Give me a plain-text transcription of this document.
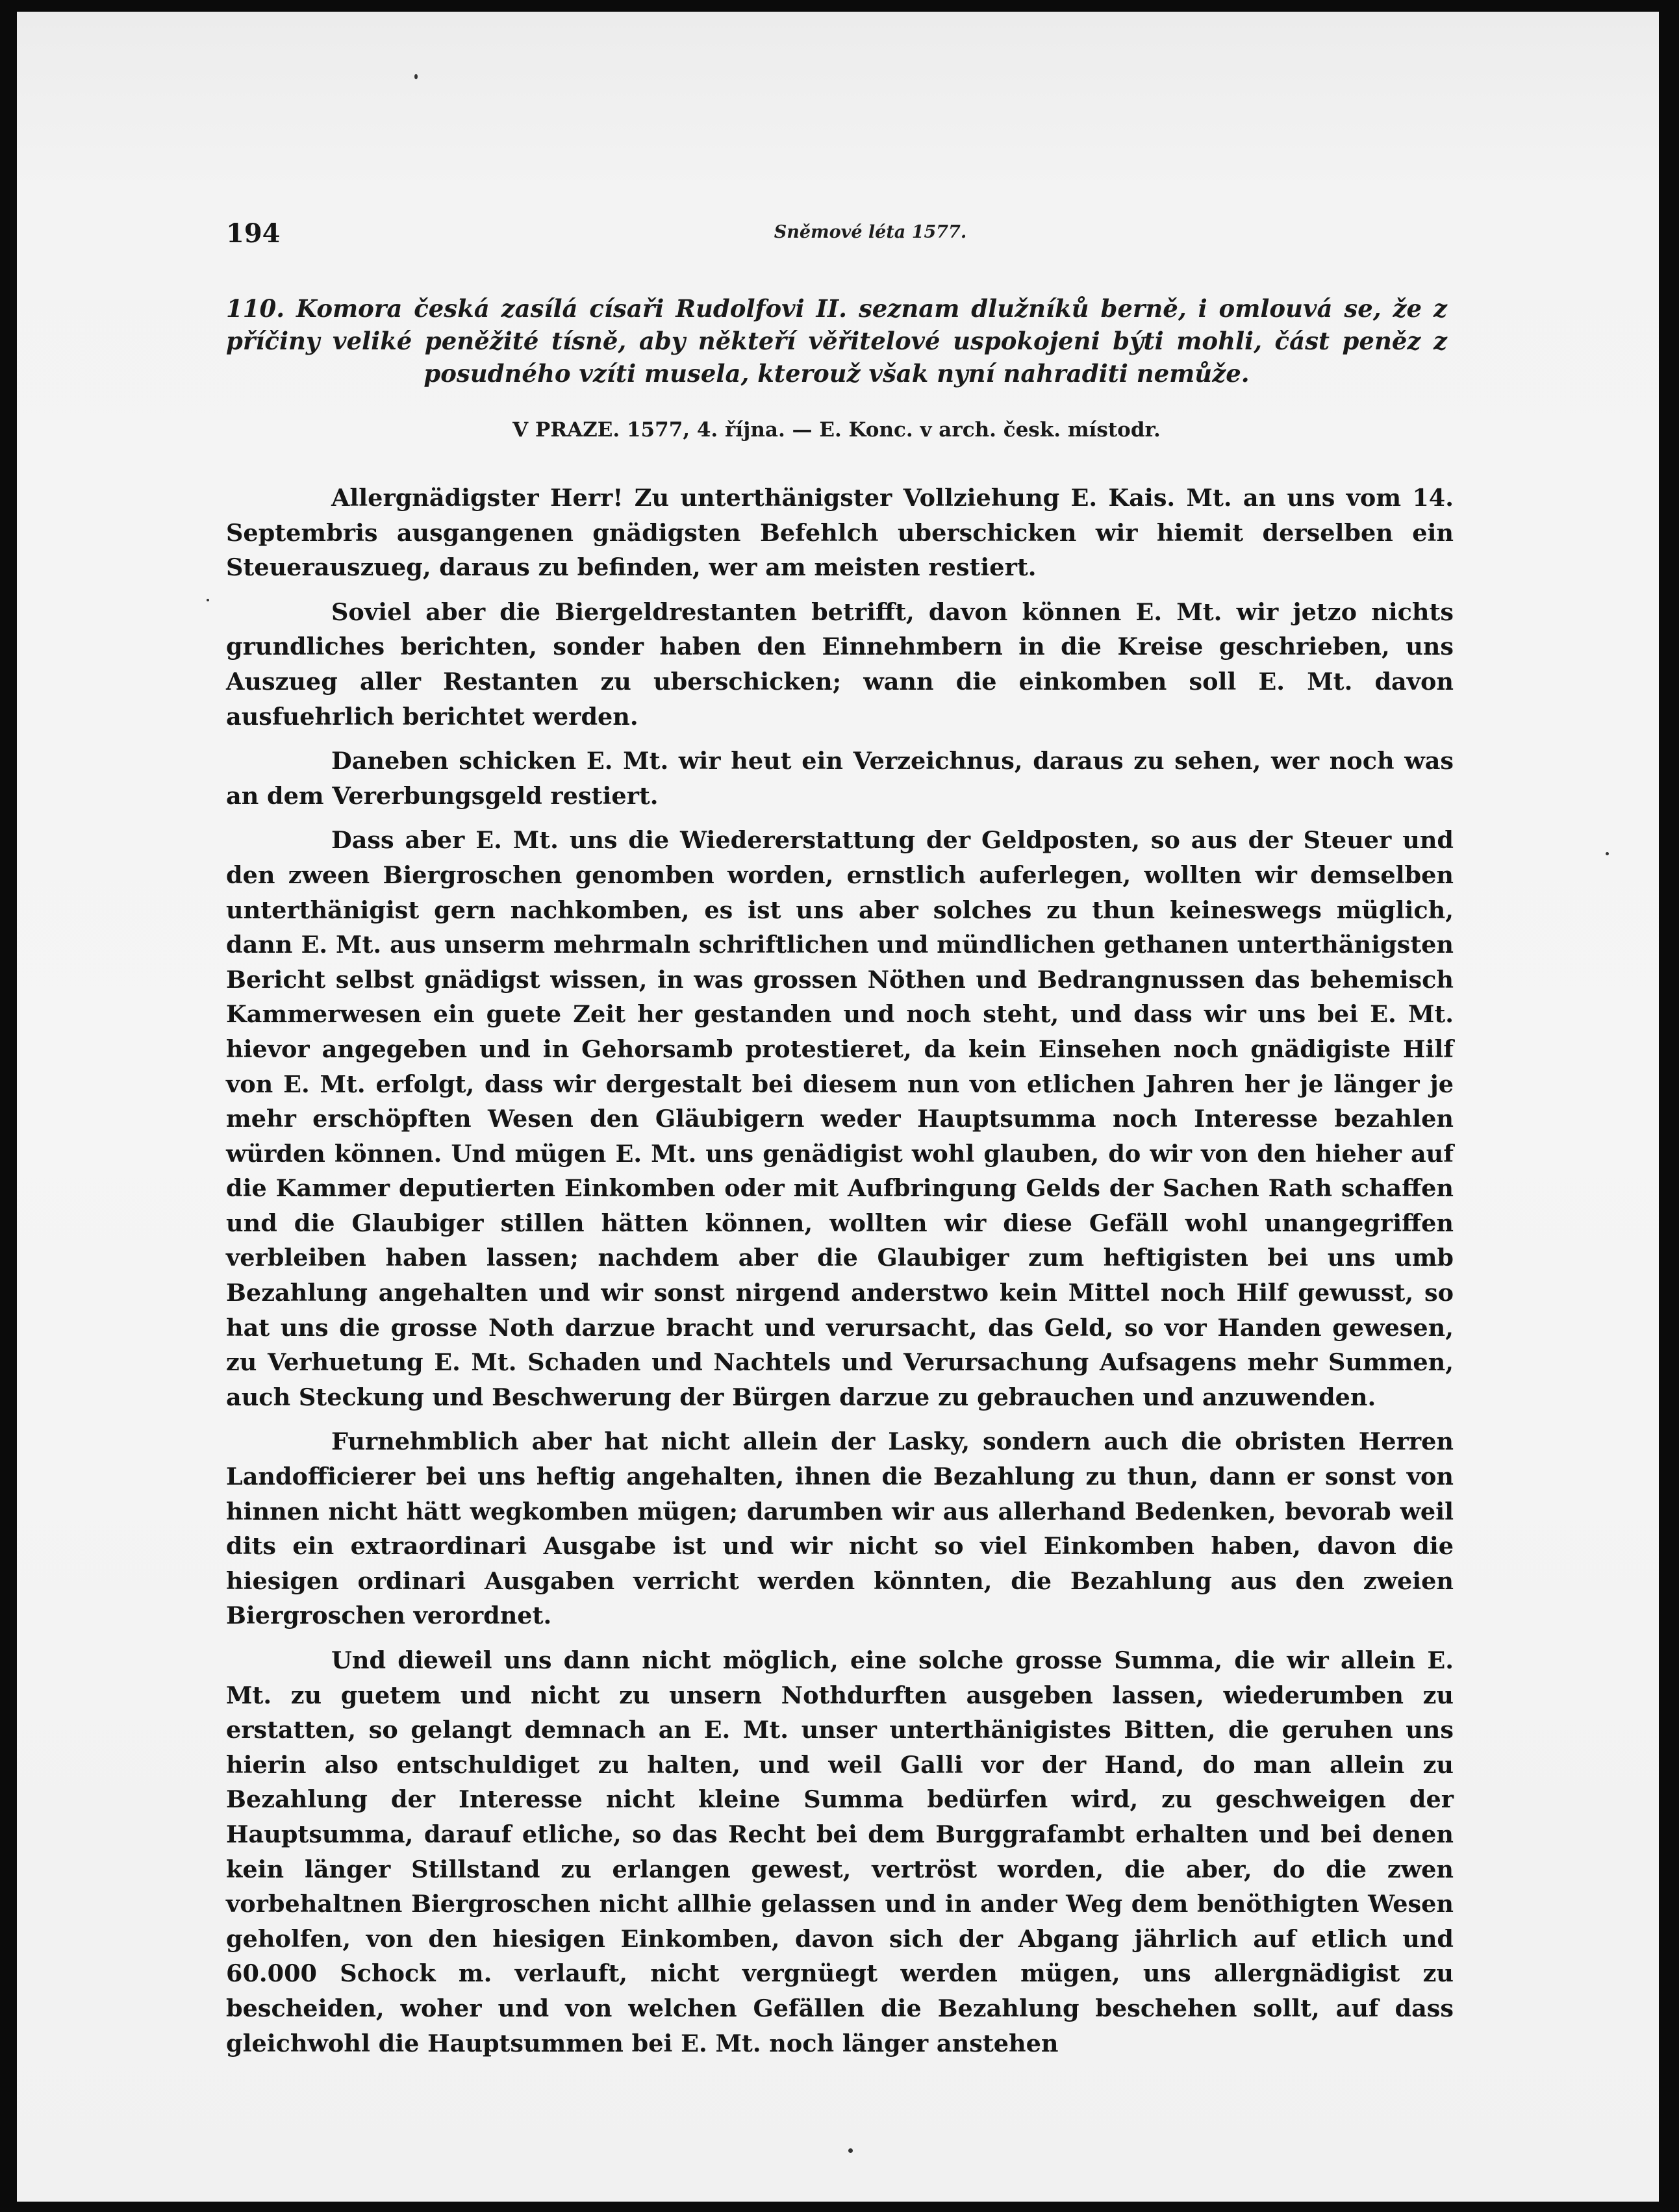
194	Sněmové léta 1577.
110. Komora česká zasílá císaři Rudolfovi II. seznam dlužníků berně, i omlouvá se, že z příčiny veliké peněžité tísně, aby někteří věřitelové uspokojeni býti mohli, část peněz z posudného vzíti musela, kterouž však nyní nahraditi nemůže.
V PRAZE. 1577, 4. října. — E. Konc. v arch. česk. místodr.

Allergnädigster Herr! Zu unterthänigster Vollziehung E. Kais. Mt. an uns vom 14. Septembris ausgangenen gnädigsten Befehlch uberschicken wir hiemit derselben ein Steuerauszueg, daraus zu befinden, wer am meisten restiert.

Soviel aber die Biergeldrestanten betrifft, davon können E. Mt. wir jetzo nichts grundliches berichten, sonder haben den Einnehmbern in die Kreise geschrieben, uns Auszueg aller Restanten zu uberschicken; wann die einkomben soll E. Mt. davon ausfuehrlich berichtet werden.

Daneben schicken E. Mt. wir heut ein Verzeichnus, daraus zu sehen, wer noch was an dem Vererbungsgeld restiert.

Dass aber E. Mt. uns die Wiedererstattung der Geldposten, so aus der Steuer und den zween Biergroschen genomben worden, ernstlich auferlegen, wollten wir demselben unterthänigist gern nachkomben, es ist uns aber solches zu thun keineswegs müglich, dann E. Mt. aus unserm mehrmaln schriftlichen und mündlichen gethanen unterthänigsten Bericht selbst gnädigst wissen, in was grossen Nöthen und Bedrangnussen das behemisch Kammerwesen ein guete Zeit her gestanden und noch steht, und dass wir uns bei E. Mt. hievor angegeben und in Gehorsamb protestieret, da kein Einsehen noch gnädigiste Hilf von E. Mt. erfolgt, dass wir dergestalt bei diesem nun von etlichen Jahren her je länger je mehr erschöpften Wesen den Gläubigern weder Hauptsumma noch Interesse bezahlen würden können. Und mügen E. Mt. uns genädigist wohl glauben, do wir von den hieher auf die Kammer deputierten Einkomben oder mit Aufbringung Gelds der Sachen Rath schaffen und die Glaubiger stillen hätten können, wollten wir diese Gefäll wohl unangegriffen verbleiben haben lassen; nachdem aber die Glaubiger zum heftigisten bei uns umb Bezahlung angehalten und wir sonst nirgend anderstwo kein Mittel noch Hilf gewusst, so hat uns die grosse Noth darzue bracht und verursacht, das Geld, so vor Handen gewesen, zu Verhuetung E. Mt. Schaden und Nachtels und Verursachung Aufsagens mehr Summen, auch Steckung und Beschwerung der Bürgen darzue zu gebrauchen und anzuwenden.

Furnehmblich aber hat nicht allein der Lasky, sondern auch die obristen Herren Landofficierer bei uns heftig angehalten, ihnen die Bezahlung zu thun, dann er sonst von hinnen nicht hätt wegkomben mügen; darumben wir aus allerhand Bedenken, bevorab weil dits ein extraordinari Ausgabe ist und wir nicht so viel Einkomben haben, davon die hiesigen ordinari Ausgaben verricht werden könnten, die Bezahlung aus den zweien Biergroschen verordnet.

Und dieweil uns dann nicht möglich, eine solche grosse Summa, die wir allein E. Mt. zu guetem und nicht zu unsern Nothdurften ausgeben lassen, wiederumben zu erstatten, so gelangt demnach an E. Mt. unser unterthänigistes Bitten, die geruhen uns hierin also entschuldiget zu halten, und weil Galli vor der Hand, do man allein zu Bezahlung der Interesse nicht kleine Summa bedürfen wird, zu geschweigen der Hauptsumma, darauf etliche, so das Recht bei dem Burggrafambt erhalten und bei denen kein länger Stillstand zu erlangen gewest, vertröst worden, die aber, do die zwen vorbehaltnen Biergroschen nicht allhie gelassen und in ander Weg dem benöthigten Wesen geholfen, von den hiesigen Einkomben, davon sich der Abgang jährlich auf etlich und 60.000 Schock m. verlauft, nicht vergnüegt werden mügen, uns allergnädigist zu bescheiden, woher und von welchen Gefällen die Bezahlung beschehen sollt, auf dass gleichwohl die Hauptsummen bei E. Mt. noch länger anstehen
